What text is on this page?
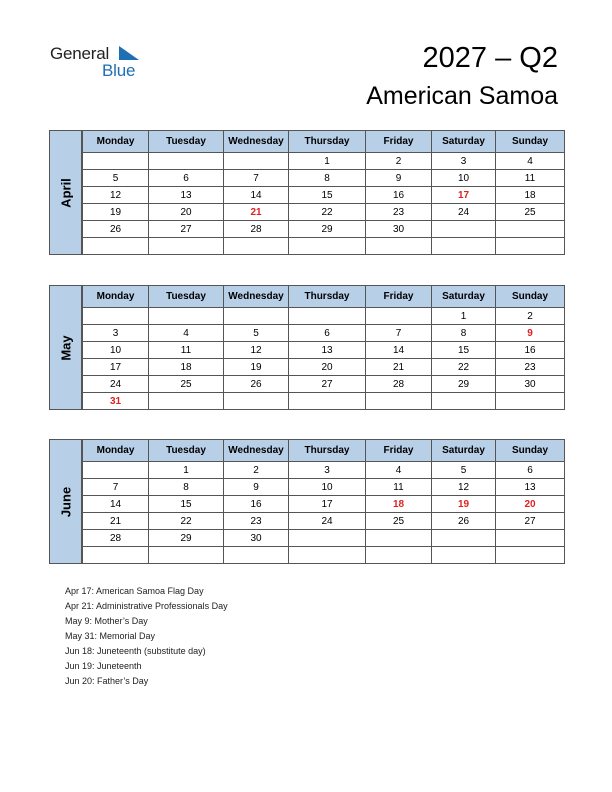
General
Blue	2027 – Q2
American Samoa
April
Monday	Tuesday	Wednesday	Thursday	Friday	Saturday	Sunday
			1	2	3	4
5	6	7	8	9	10	11
12	13	14	15	16	17	18
19	20	21	22	23	24	25
26	27	28	29	30		

May
Monday	Tuesday	Wednesday	Thursday	Friday	Saturday	Sunday
					1	2
3	4	5	6	7	8	9
10	11	12	13	14	15	16
17	18	19	20	21	22	23
24	25	26	27	28	29	30
31						
June
Monday	Tuesday	Wednesday	Thursday	Friday	Saturday	Sunday
	1	2	3	4	5	6
7	8	9	10	11	12	13
14	15	16	17	18	19	20
21	22	23	24	25	26	27
28	29	30				

Apr 17: American Samoa Flag Day
Apr 21: Administrative Professionals Day
May 9: Mother’s Day
May 31: Memorial Day
Jun 18: Juneteenth (substitute day)
Jun 19: Juneteenth
Jun 20: Father’s Day
